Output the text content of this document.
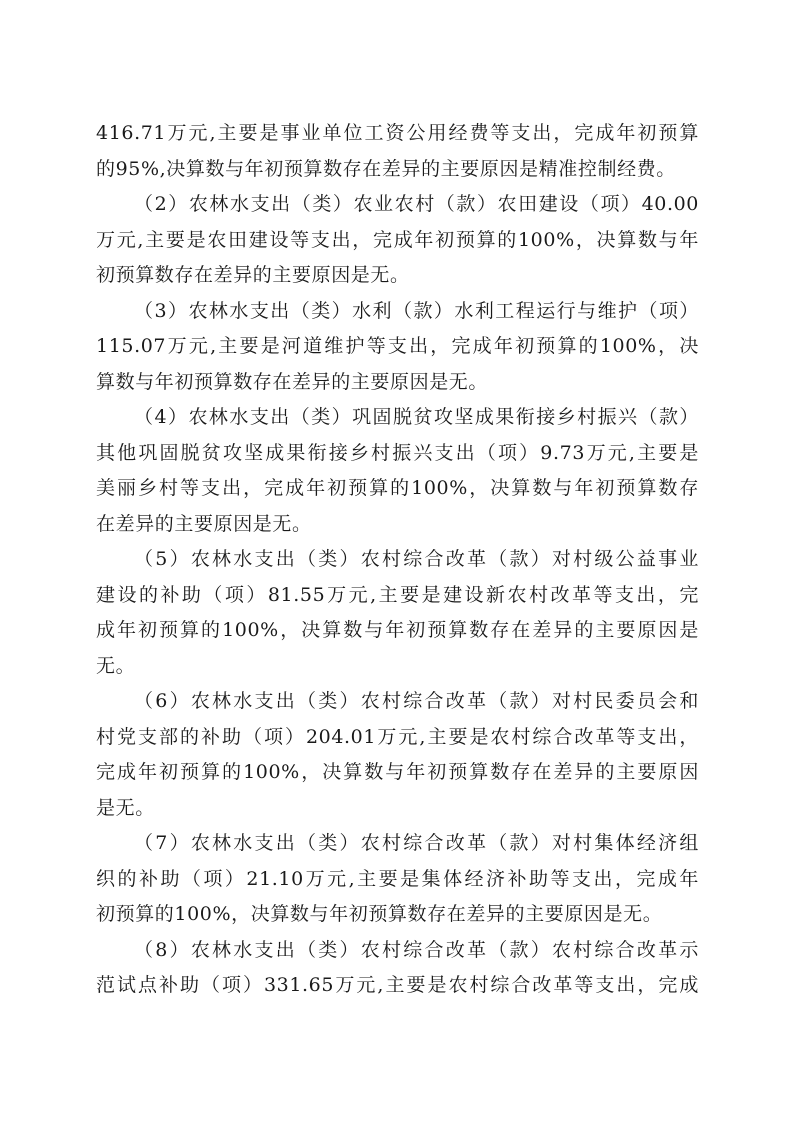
416.71万元,主要是事业单位工资公用经费等支出，完成年初预算
的95%,决算数与年初预算数存在差异的主要原因是精准控制经费。
（2）农林水支出（类）农业农村（款）农田建设（项）40.00
万元,主要是农田建设等支出，完成年初预算的100%，决算数与年
初预算数存在差异的主要原因是无。
（3）农林水支出（类）水利（款）水利工程运行与维护（项）
115.07万元,主要是河道维护等支出，完成年初预算的100%，决
算数与年初预算数存在差异的主要原因是无。
（4）农林水支出（类）巩固脱贫攻坚成果衔接乡村振兴（款）
其他巩固脱贫攻坚成果衔接乡村振兴支出（项）9.73万元,主要是
美丽乡村等支出，完成年初预算的100%，决算数与年初预算数存
在差异的主要原因是无。
（5）农林水支出（类）农村综合改革（款）对村级公益事业
建设的补助（项）81.55万元,主要是建设新农村改革等支出，完
成年初预算的100%，决算数与年初预算数存在差异的主要原因是
无。
（6）农林水支出（类）农村综合改革（款）对村民委员会和
村党支部的补助（项）204.01万元,主要是农村综合改革等支出，
完成年初预算的100%，决算数与年初预算数存在差异的主要原因
是无。
（7）农林水支出（类）农村综合改革（款）对村集体经济组
织的补助（项）21.10万元,主要是集体经济补助等支出，完成年
初预算的100%，决算数与年初预算数存在差异的主要原因是无。
（8）农林水支出（类）农村综合改革（款）农村综合改革示
范试点补助（项）331.65万元,主要是农村综合改革等支出，完成
